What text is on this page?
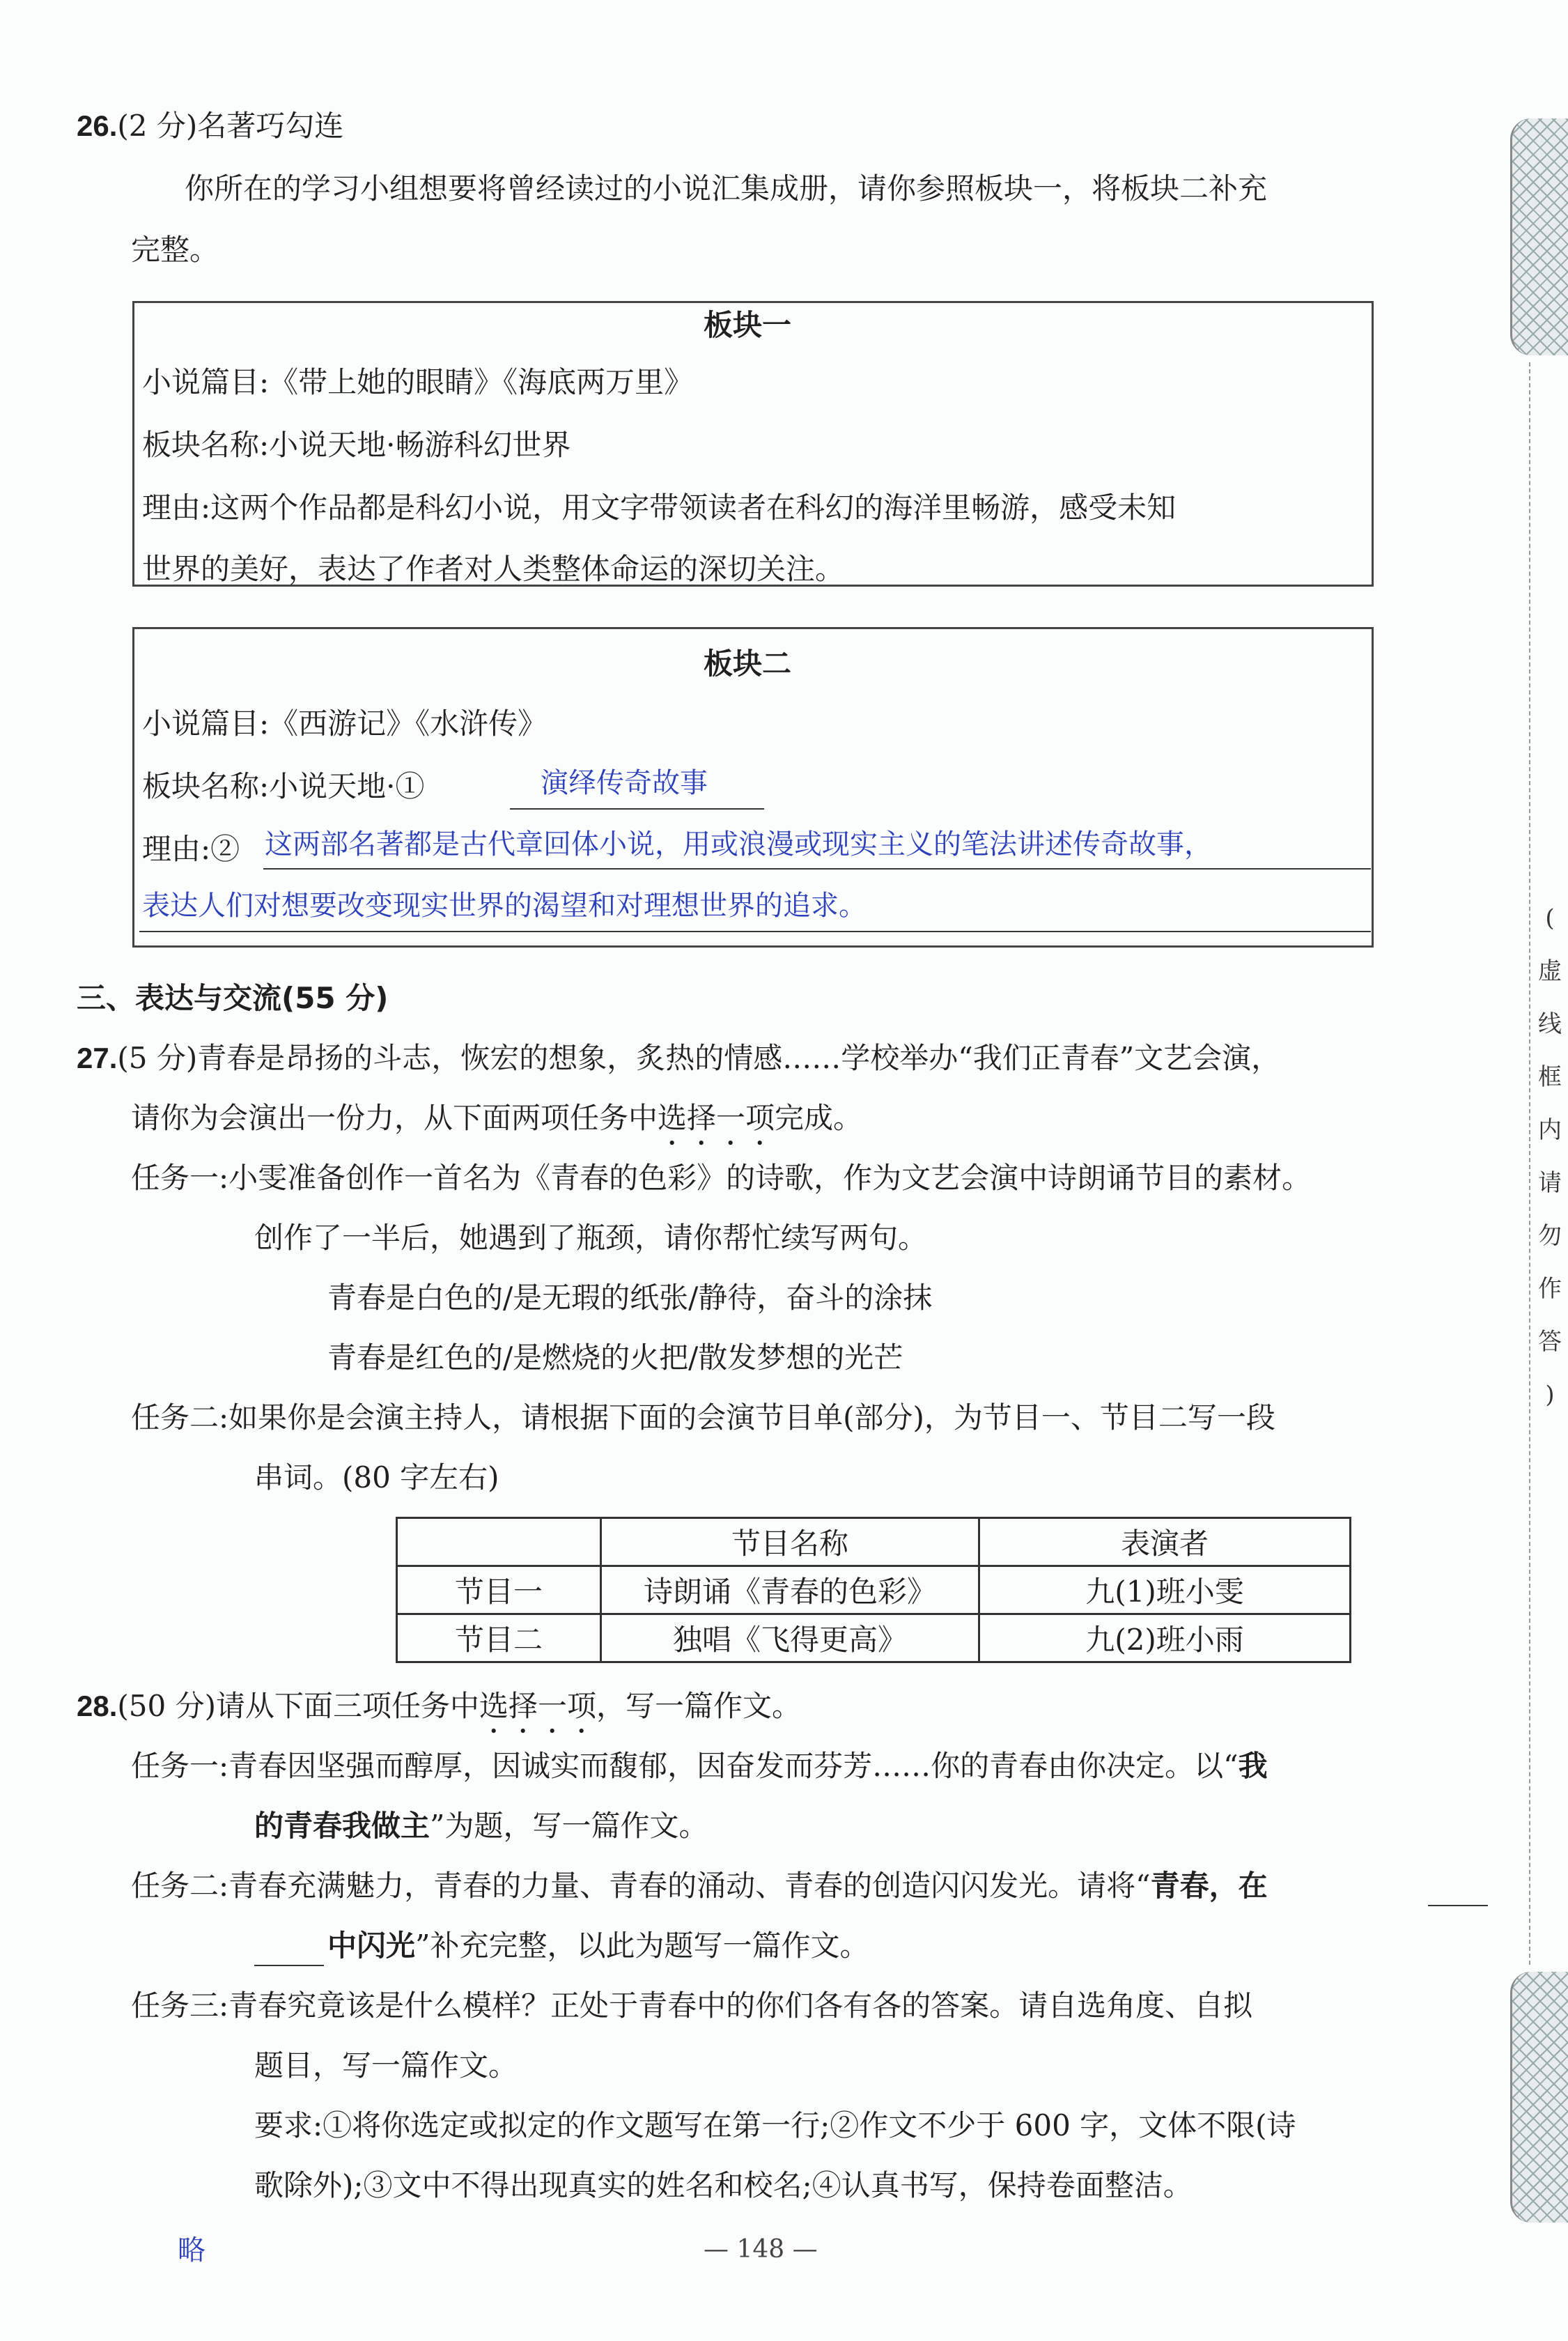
(
虚
线
框
内
请
勿
作
答
)
26.(2 分)名著巧勾连
你所在的学习小组想要将曾经读过的小说汇集成册，请你参照板块一，将板块二补充
完整。
板块一
小说篇目:《带上她的眼睛》《海底两万里》
板块名称:小说天地·畅游科幻世界
理由:这两个作品都是科幻小说，用文字带领读者在科幻的海洋里畅游，感受未知
世界的美好，表达了作者对人类整体命运的深切关注。
板块二
小说篇目:《西游记》《水浒传》
板块名称:小说天地·①	演绎传奇故事
理由:② 这两部名著都是古代章回体小说，用或浪漫或现实主义的笔法讲述传奇故事，
表达人们对想要改变现实世界的渴望和对理想世界的追求。
三、表达与交流(55 分)
27.(5 分)青春是昂扬的斗志，恢宏的想象，炙热的情感……学校举办“我们正青春”文艺会演，
请你为会演出一份力，从下面两项任务中选择一项完成。
任务一:小雯准备创作一首名为《青春的色彩》的诗歌，作为文艺会演中诗朗诵节目的素材。
创作了一半后，她遇到了瓶颈，请你帮忙续写两句。
青春是白色的/是无瑕的纸张/静待，奋斗的涂抹
青春是红色的/是燃烧的火把/散发梦想的光芒
任务二:如果你是会演主持人，请根据下面的会演节目单(部分)，为节目一、节目二写一段
串词。(80 字左右)
	节目名称	表演者
节目一	诗朗诵《青春的色彩》	九(1)班小雯
节目二	独唱《飞得更高》	九(2)班小雨
28.(50 分)请从下面三项任务中选择一项，写一篇作文。
任务一:青春因坚强而醇厚，因诚实而馥郁，因奋发而芬芳……你的青春由你决定。以“我
的青春我做主”为题，写一篇作文。
任务二:青春充满魅力，青春的力量、青春的涌动、青春的创造闪闪发光。请将“青春，在
中闪光”补充完整，以此为题写一篇作文。
任务三:青春究竟该是什么模样？正处于青春中的你们各有各的答案。请自选角度、自拟
题目，写一篇作文。
要求:①将你选定或拟定的作文题写在第一行;②作文不少于 600 字，文体不限(诗
歌除外);③文中不得出现真实的姓名和校名;④认真书写，保持卷面整洁。
略	— 148 —
